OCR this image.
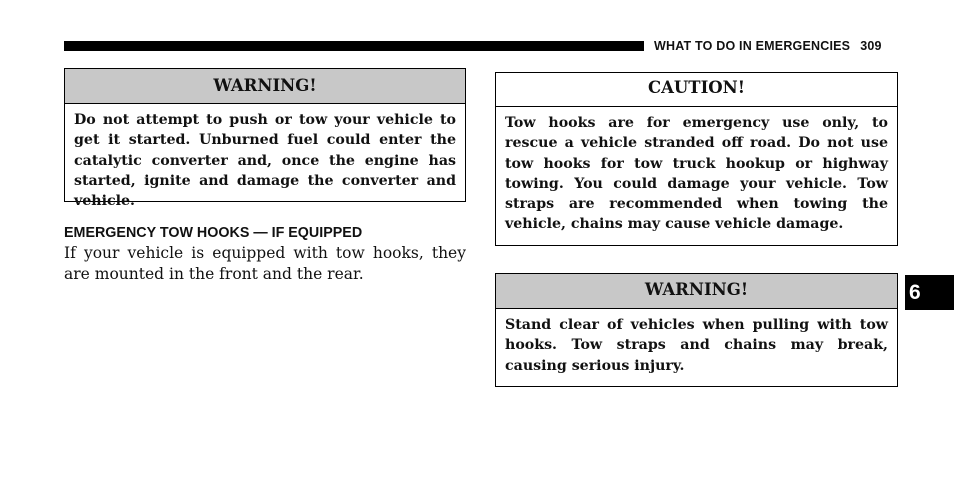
WHAT TO DO IN EMERGENCIES 309
WARNING!
Do not attempt to push or tow your vehicle to get it started. Unburned fuel could enter the catalytic converter and, once the engine has started, ignite and damage the converter and vehicle.
EMERGENCY TOW HOOKS — IF EQUIPPED
If your vehicle is equipped with tow hooks, they are mounted in the front and the rear.
CAUTION!
Tow hooks are for emergency use only, to rescue a vehicle stranded off road. Do not use tow hooks for tow truck hookup or highway towing. You could damage your vehicle. Tow straps are recommended when towing the vehicle, chains may cause vehicle damage.
WARNING!
Stand clear of vehicles when pulling with tow hooks. Tow straps and chains may break, causing serious injury.
6
